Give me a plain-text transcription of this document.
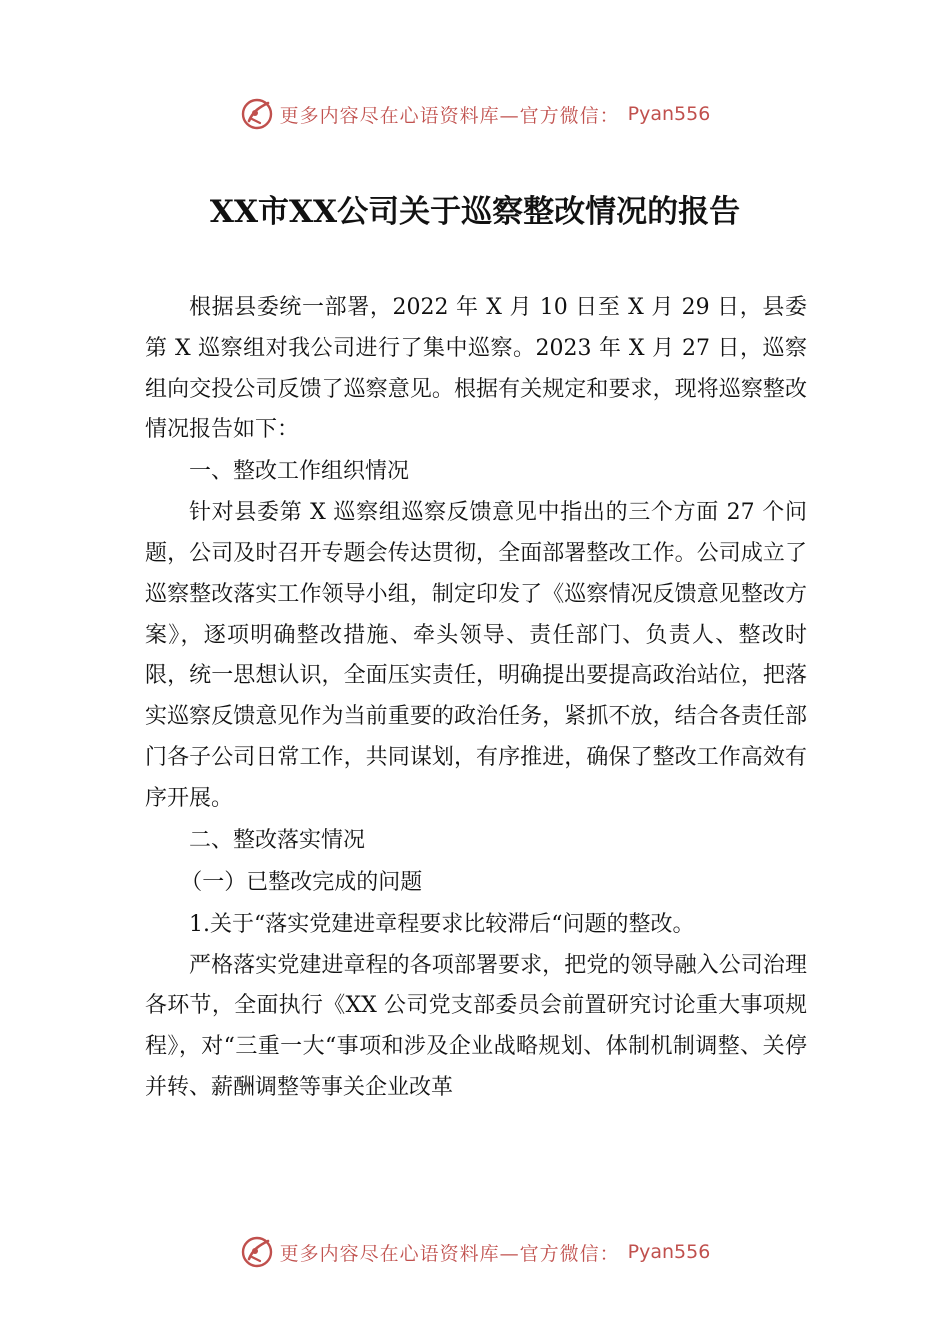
更多内容尽在心语资料库—官方微信： Pyan556
XX市XX公司关于巡察整改情况的报告

根据县委统一部署，2022 年 X 月 10 日至 X 月 29 日，县委第 X 巡察组对我公司进行了集中巡察。2023 年 X 月 27 日，巡察组向交投公司反馈了巡察意见。根据有关规定和要求，现将巡察整改情况报告如下：

一、整改工作组织情况

针对县委第 X 巡察组巡察反馈意见中指出的三个方面 27 个问题，公司及时召开专题会传达贯彻，全面部署整改工作。公司成立了巡察整改落实工作领导小组，制定印发了《巡察情况反馈意见整改方案》，逐项明确整改措施、牵头领导、责任部门、负责人、整改时限，统一思想认识，全面压实责任，明确提出要提高政治站位，把落实巡察反馈意见作为当前重要的政治任务，紧抓不放，结合各责任部门各子公司日常工作，共同谋划，有序推进，确保了整改工作高效有序开展。

二、整改落实情况

（一）已整改完成的问题

1.关于“落实党建进章程要求比较滞后“问题的整改。

严格落实党建进章程的各项部署要求，把党的领导融入公司治理各环节，全面执行《XX 公司党支部委员会前置研究讨论重大事项规程》，对“三重一大“事项和涉及企业战略规划、体制机制调整、关停并转、薪酬调整等事关企业改革

更多内容尽在心语资料库—官方微信： Pyan556
